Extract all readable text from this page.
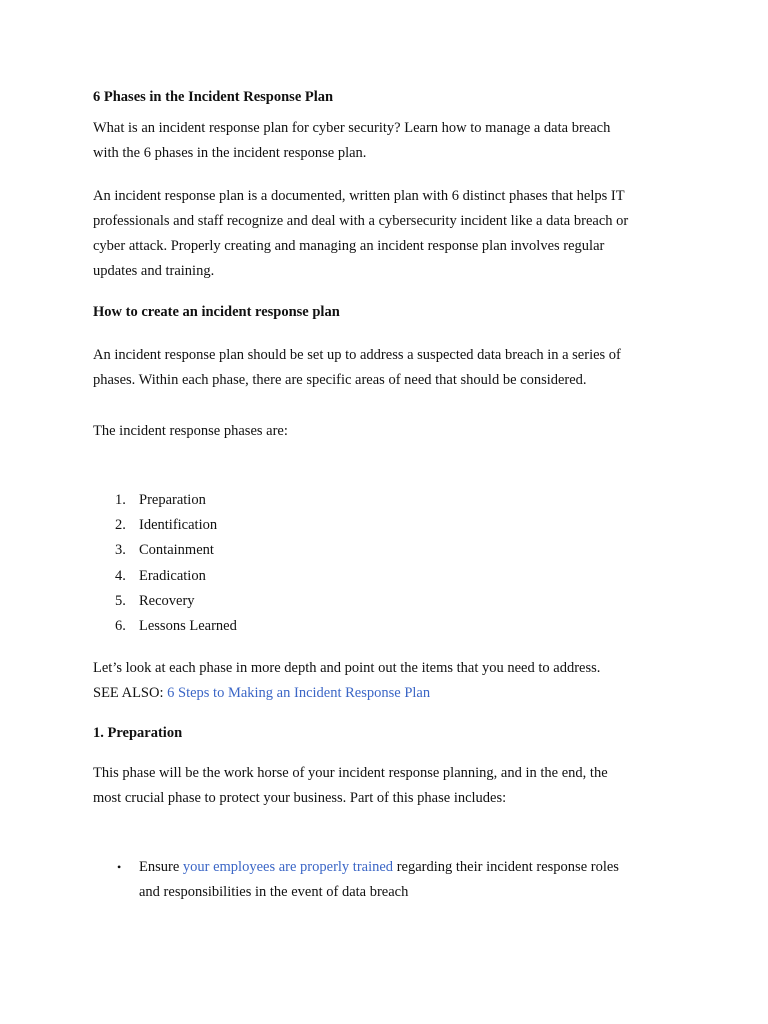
6 Phases in the Incident Response Plan

What is an incident response plan for cyber security? Learn how to manage a data breach
with the 6 phases in the incident response plan.
An incident response plan is a documented, written plan with 6 distinct phases that helps IT
professionals and staff recognize and deal with a cybersecurity incident like a data breach or
cyber attack. Properly creating and managing an incident response plan involves regular
updates and training.

How to create an incident response plan

An incident response plan should be set up to address a suspected data breach in a series of
phases. Within each phase, there are specific areas of need that should be considered.

The incident response phases are:

1. Preparation
2. Identification
3. Containment
4. Eradication
5. Recovery
6. Lessons Learned
Let’s look at each phase in more depth and point out the items that you need to address.
SEE ALSO: 6 Steps to Making an Incident Response Plan

1. Preparation

This phase will be the work horse of your incident response planning, and in the end, the
most crucial phase to protect your business. Part of this phase includes:
• Ensure your employees are properly trained regarding their incident response roles
and responsibilities in the event of data breach
